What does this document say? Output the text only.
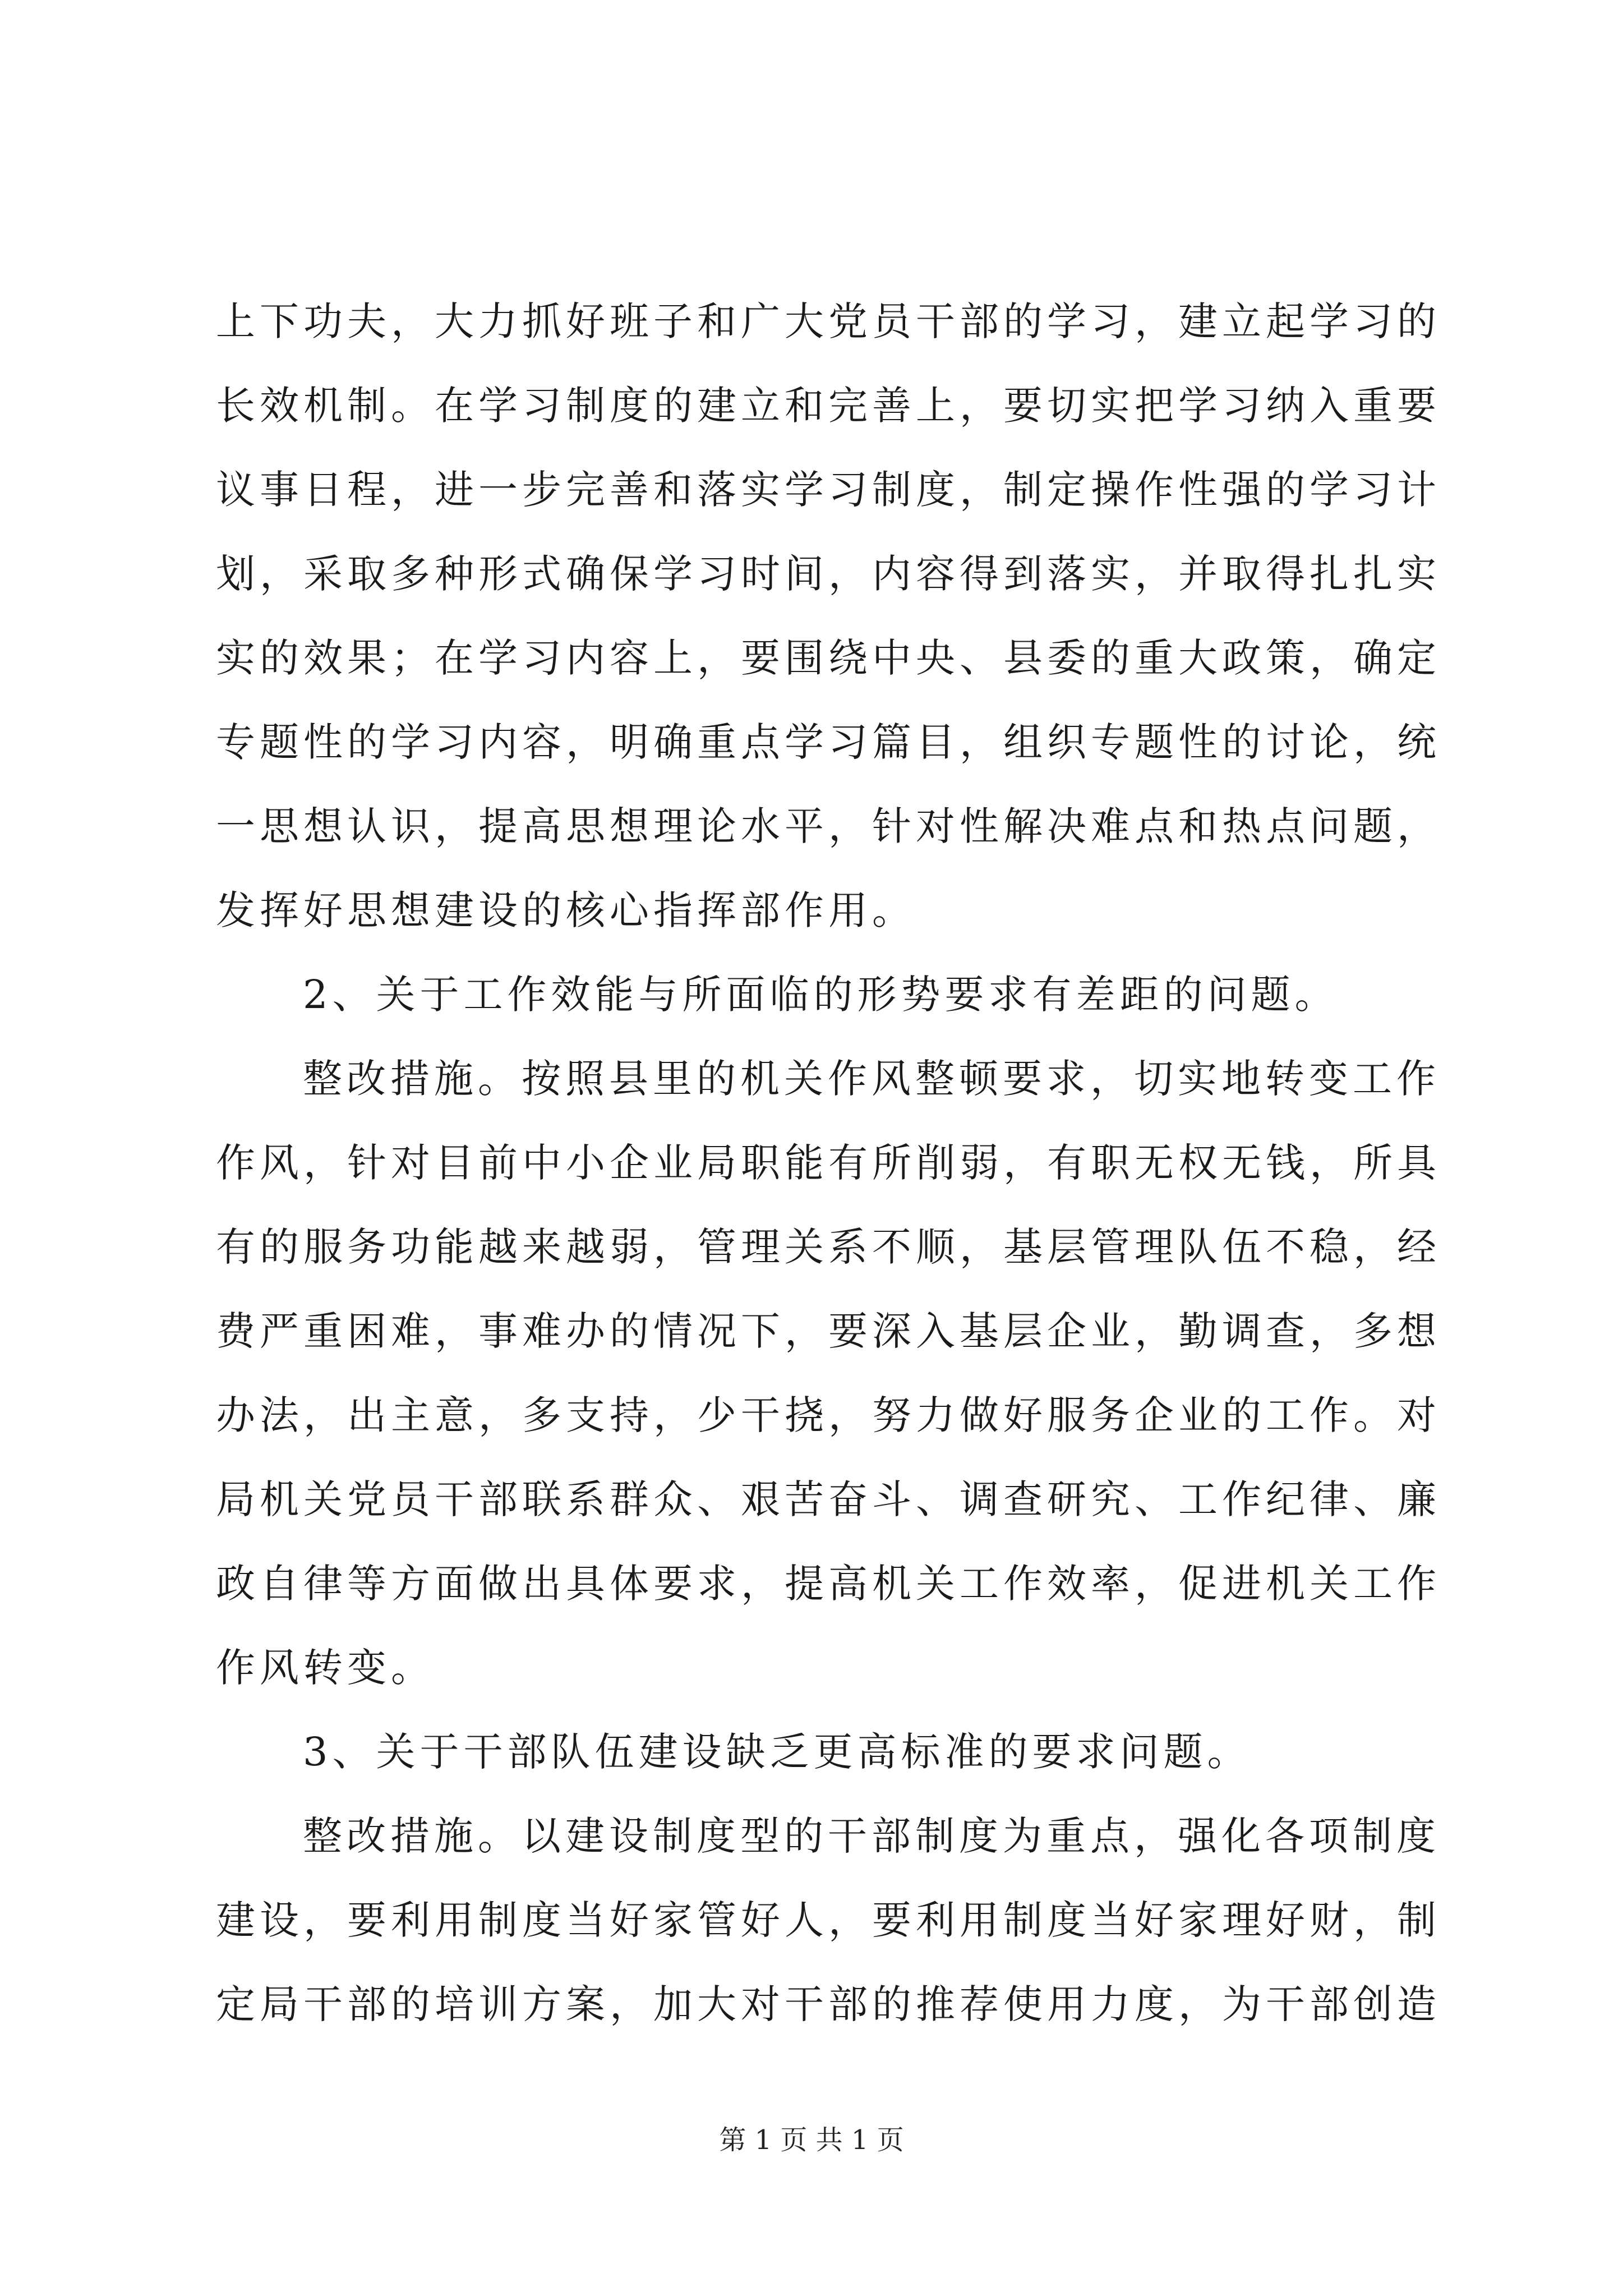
上下功夫，大力抓好班子和广大党员干部的学习，建立起学习的
长效机制。在学习制度的建立和完善上，要切实把学习纳入重要
议事日程，进一步完善和落实学习制度，制定操作性强的学习计
划，采取多种形式确保学习时间，内容得到落实，并取得扎扎实
实的效果；在学习内容上，要围绕中央、县委的重大政策，确定
专题性的学习内容，明确重点学习篇目，组织专题性的讨论，统
一思想认识，提高思想理论水平，针对性解决难点和热点问题，
发挥好思想建设的核心指挥部作用。
2、关于工作效能与所面临的形势要求有差距的问题。
整改措施。按照县里的机关作风整顿要求，切实地转变工作
作风，针对目前中小企业局职能有所削弱，有职无权无钱，所具
有的服务功能越来越弱，管理关系不顺，基层管理队伍不稳，经
费严重困难，事难办的情况下，要深入基层企业，勤调查，多想
办法，出主意，多支持，少干挠，努力做好服务企业的工作。对
局机关党员干部联系群众、艰苦奋斗、调查研究、工作纪律、廉
政自律等方面做出具体要求，提高机关工作效率，促进机关工作
作风转变。
3、关于干部队伍建设缺乏更高标准的要求问题。
整改措施。以建设制度型的干部制度为重点，强化各项制度
建设，要利用制度当好家管好人，要利用制度当好家理好财，制
定局干部的培训方案，加大对干部的推荐使用力度，为干部创造
第 1 页 共 1 页
